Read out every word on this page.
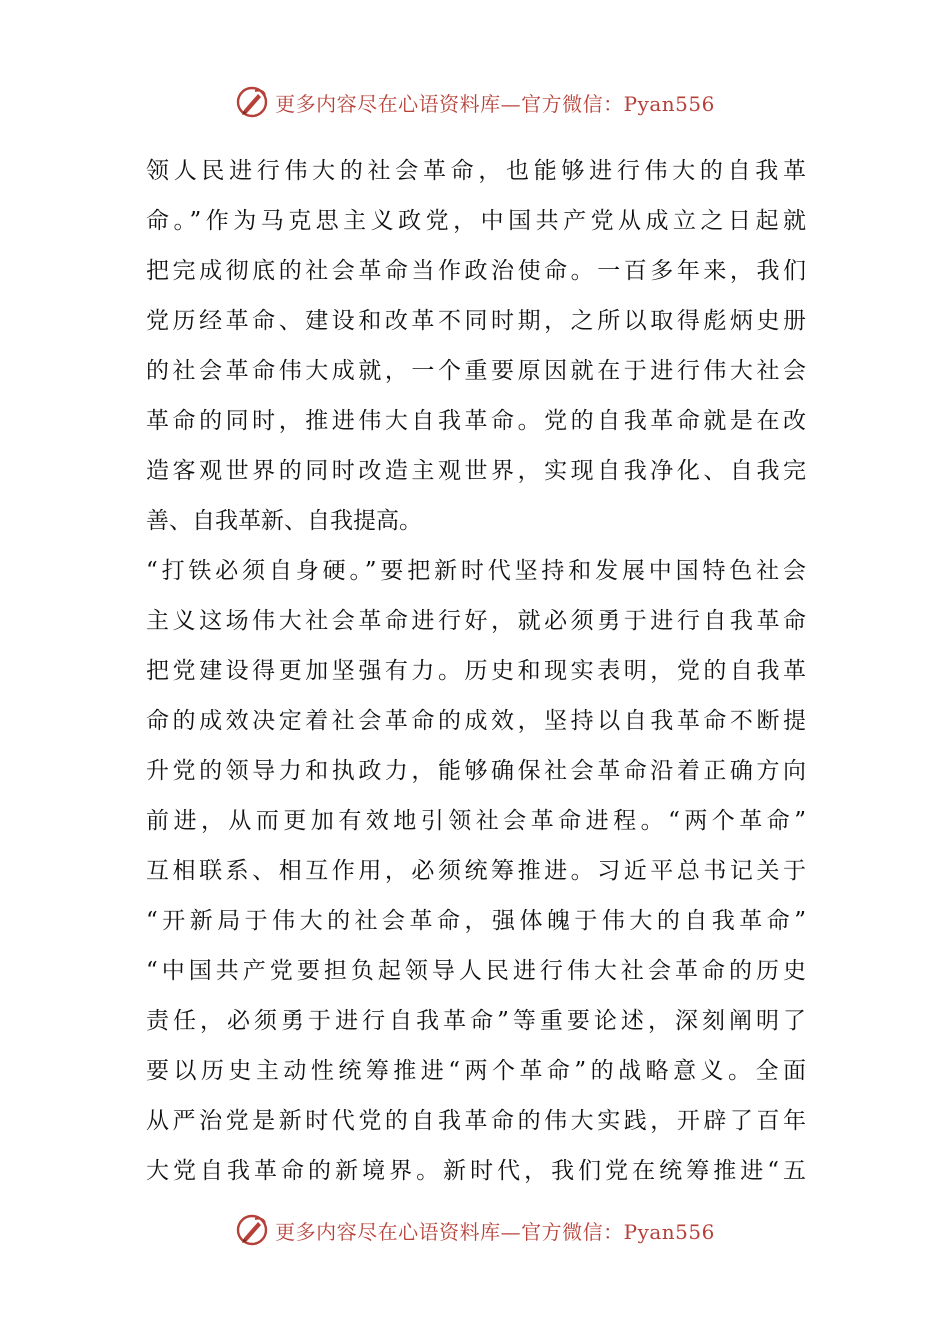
更多内容尽在心语资料库—官方微信：Pyan556
领人民进行伟大的社会革命，也能够进行伟大的自我革
命。”作为马克思主义政党，中国共产党从成立之日起就
把完成彻底的社会革命当作政治使命。一百多年来，我们
党历经革命、建设和改革不同时期，之所以取得彪炳史册
的社会革命伟大成就，一个重要原因就在于进行伟大社会
革命的同时，推进伟大自我革命。党的自我革命就是在改
造客观世界的同时改造主观世界，实现自我净化、自我完
善、自我革新、自我提高。
“打铁必须自身硬。”要把新时代坚持和发展中国特色社会
主义这场伟大社会革命进行好，就必须勇于进行自我革命
把党建设得更加坚强有力。历史和现实表明，党的自我革
命的成效决定着社会革命的成效，坚持以自我革命不断提
升党的领导力和执政力，能够确保社会革命沿着正确方向
前进，从而更加有效地引领社会革命进程。“两个革命”
互相联系、相互作用，必须统筹推进。习近平总书记关于
“开新局于伟大的社会革命，强体魄于伟大的自我革命”
“中国共产党要担负起领导人民进行伟大社会革命的历史
责任，必须勇于进行自我革命”等重要论述，深刻阐明了
要以历史主动性统筹推进“两个革命”的战略意义。全面
从严治党是新时代党的自我革命的伟大实践，开辟了百年
大党自我革命的新境界。新时代，我们党在统筹推进“五
更多内容尽在心语资料库—官方微信：Pyan556
